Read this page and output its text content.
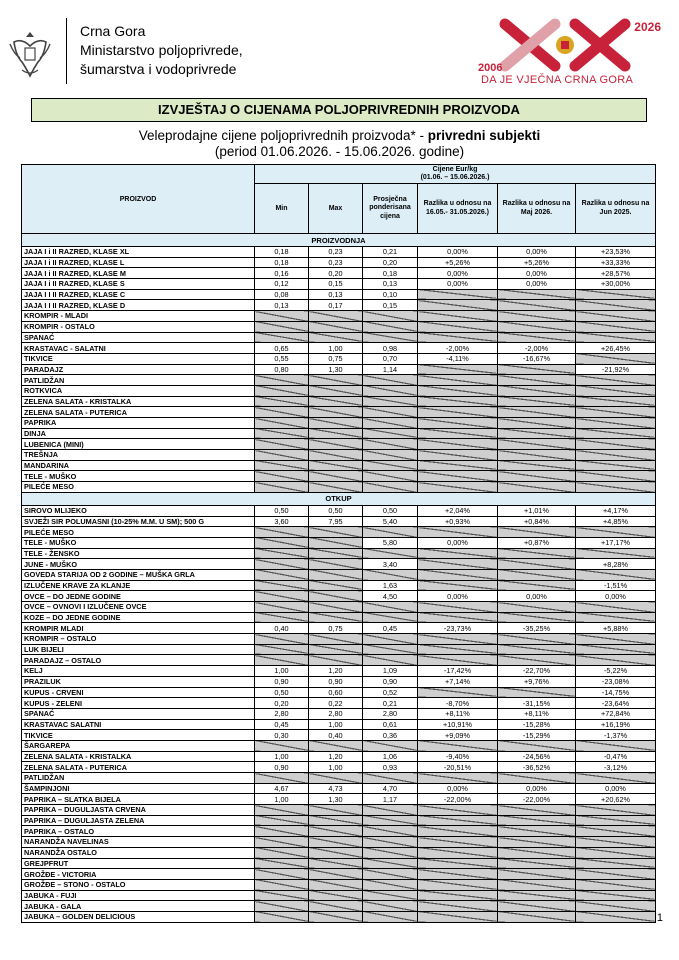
Crna Gora
Ministarstvo poljoprivrede,
šumarstva i vodoprivrede
2026
2006
DA JE VJEČNA CRNA GORA
IZVJEŠTAJ O CIJENAMA POLJOPRIVREDNIH PROIZVODA
Veleprodajne cijene poljoprivrednih proizvoda* - privredni subjekti
(period 01.06.2026. - 15.06.2026. godine)
PROIZVOD	Cijene Eur/kg
(01.06. – 15.06.2026.)					

	Min	Max	Prosječna ponderisana cijena	Razlika u odnosu na 16.05.- 31.05.2026.)	Razlika u odnosu na Maj 2026.	Razlika u odnosu na Jun 2025.
PROIZVODNJA						
JAJA I i II RAZRED, KLASE XL	0,18	0,23	0,21	0,00%	0,00%	+23,53%
JAJA I i II RAZRED, KLASE L	0,18	0,23	0,20	+5,26%	+5,26%	+33,33%
JAJA I i II RAZRED, KLASE M	0,16	0,20	0,18	0,00%	0,00%	+28,57%
JAJA I i II RAZRED, KLASE S	0,12	0,15	0,13	0,00%	0,00%	+30,00%
JAJA I I II RAZRED, KLASE C	0,08	0,13	0,10			
JAJA I I II RAZRED, KLASE D	0,13	0,17	0,15			
KROMPIR - MLADI						
KROMPIR - OSTALO						
SPANAĆ						
KRASTAVAC - SALATNI	0,65	1,00	0,98	-2,00%	-2,00%	+26,45%
TIKVICE	0,55	0,75	0,70	-4,11%	-16,67%	
PARADAJZ	0,80	1,30	1,14			-21,92%
PATLIDŽAN						
ROTKVICA						
ZELENA SALATA - KRISTALKA						
ZELENA SALATA - PUTERICA						
PAPRIKA						
DINJA						
LUBENICA (MINI)						
TREŠNJA						
MANDARINA						
TELE - MUŠKO						
PILEĆE MESO						
OTKUP						
SIROVO MLIJEKO	0,50	0,50	0,50	+2,04%	+1,01%	+4,17%
SVJEŽI SIR POLUMASNI (10-25% M.M. U SM); 500 G	3,60	7,95	5,40	+0,93%	+0,84%	+4,85%
PILEĆE MESO						
TELE - MUŠKO			5,80	0,00%	+0,87%	+17,17%
TELE - ŽENSKO						
JUNE - MUŠKO			3,40			+8,28%
GOVEDA STARIJA OD 2 GODINE – MUŠKA GRLA						
IZLUČENE KRAVE ZA KLANJE			1,63			-1,51%
OVCE – DO JEDNE GODINE			4,50	0,00%	0,00%	0,00%
OVCE – OVNOVI I IZLUČENE OVCE						
KOZE – DO JEDNE GODINE						
KROMPIR MLADI	0,40	0,75	0,45	-23,73%	-35,25%	+5,88%
KROMPIR – OSTALO						
LUK BIJELI						
PARADAJZ – OSTALO						
KELJ	1,00	1,20	1,09	-17,42%	-22,70%	-5,22%
PRAZILUK	0,90	0,90	0,90	+7,14%	+9,76%	-23,08%
KUPUS - CRVENI	0,50	0,60	0,52			-14,75%
KUPUS - ZELENI	0,20	0,22	0,21	-8,70%	-31,15%	-23,64%
SPANAĆ	2,80	2,80	2,80	+8,11%	+8,11%	+72,84%
KRASTAVAC SALATNI	0,45	1,00	0,61	+10,91%	-15,28%	+16,19%
TIKVICE	0,30	0,40	0,36	+9,09%	-15,29%	-1,37%
ŠARGAREPA						
ZELENA SALATA - KRISTALKA	1,00	1,20	1,06	-9,40%	-24,56%	-0,47%
ZELENA SALATA - PUTERICA	0,90	1,00	0,93	-20,51%	-36,52%	-3,12%
PATLIDŽAN						
ŠAMPINJONI	4,67	4,73	4,70	0,00%	0,00%	0,00%
PAPRIKA – SLATKA BIJELA	1,00	1,30	1,17	-22,00%	-22,00%	+20,62%
PAPRIKA – DUGULJASTA CRVENA						
PAPRIKA – DUGULJASTA ZELENA						
PAPRIKA – OSTALO						
NARANDŽA NAVELINAS						
NARANDŽA OSTALO						
GREJPFRUT						
GROŽĐE - VICTORIA						
GROŽĐE – STONO - OSTALO						
JABUKA - FUJI						
JABUKA - GALA						
JABUKA – GOLDEN DELICIOUS							1
